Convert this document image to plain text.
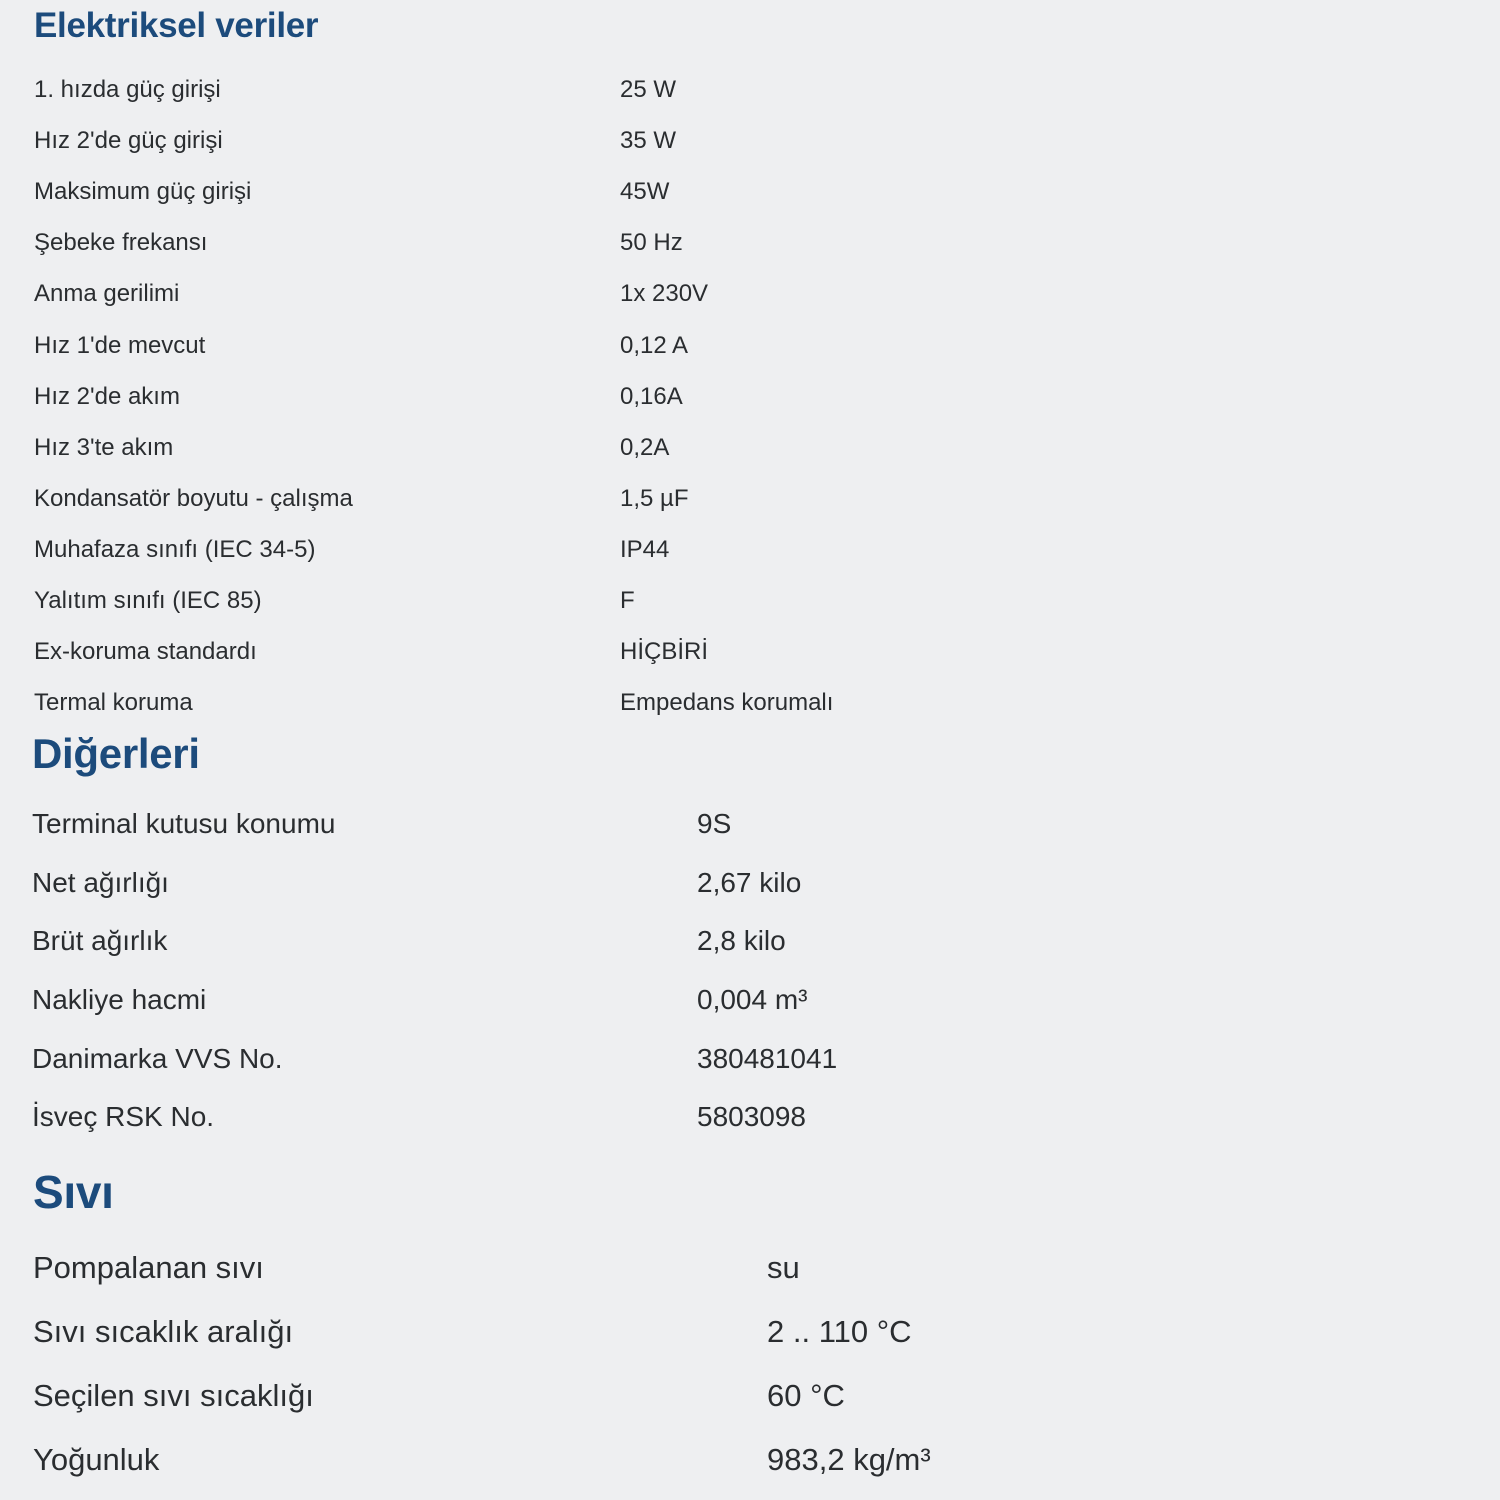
Elektriksel veriler
1. hızda güç girişi	25 W
Hız 2'de güç girişi	35 W
Maksimum güç girişi	45W
Şebeke frekansı	50 Hz
Anma gerilimi	1x 230V
Hız 1'de mevcut	0,12 A
Hız 2'de akım	0,16A
Hız 3'te akım	0,2A
Kondansatör boyutu - çalışma	1,5 µF
Muhafaza sınıfı (IEC 34-5)	IP44
Yalıtım sınıfı (IEC 85)	F
Ex-koruma standardı	HİÇBİRİ
Termal koruma	Empedans korumalı
Diğerleri
Terminal kutusu konumu	9S
Net ağırlığı	2,67 kilo
Brüt ağırlık	2,8 kilo
Nakliye hacmi	0,004 m³
Danimarka VVS No.	380481041
İsveç RSK No.	5803098
Sıvı
Pompalanan sıvı	su
Sıvı sıcaklık aralığı	2 .. 110 °C
Seçilen sıvı sıcaklığı	60 °C
Yoğunluk	983,2 kg/m³
